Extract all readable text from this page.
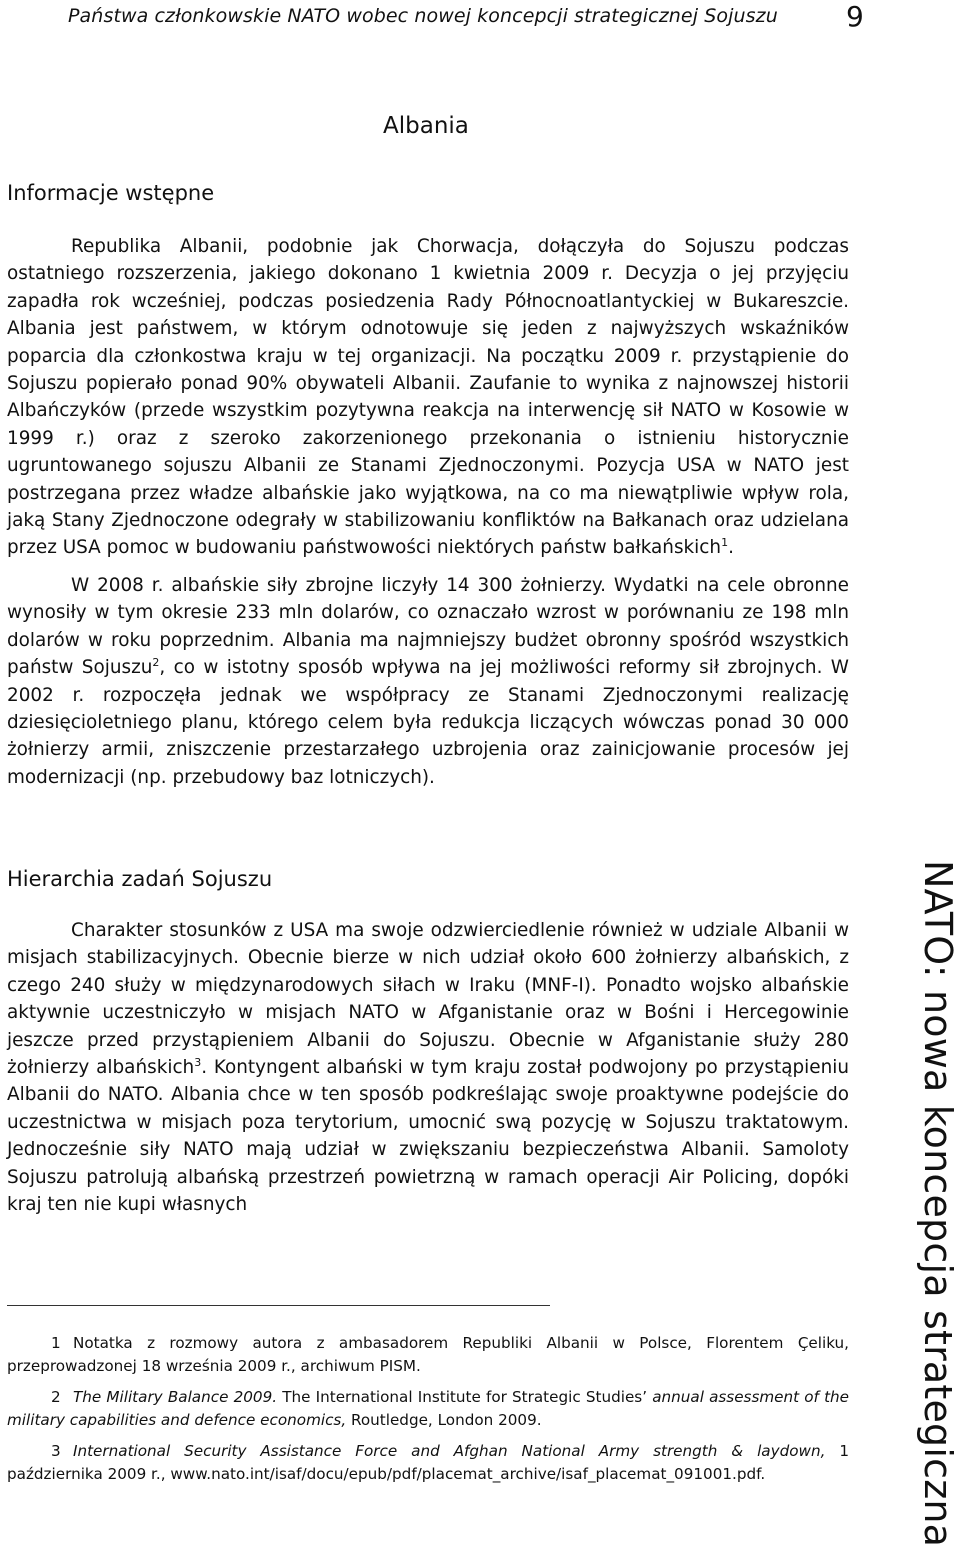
Państwa członkowskie NATO wobec nowej koncepcji strategicznej Sojuszu	9
Albania
Informacje wstępne

Republika Albanii, podobnie jak Chorwacja, dołączyła do Sojuszu podczas ostatniego rozszerzenia, jakiego dokonano 1 kwietnia 2009 r. Decyzja o jej przyjęciu zapadła rok wcześniej, podczas posiedzenia Rady Północnoatlantyckiej w Bukareszcie. Albania jest państwem, w którym odnotowuje się jeden z najwyższych wskaźników poparcia dla członkostwa kraju w tej organizacji. Na początku 2009 r. przystąpienie do Sojuszu popierało ponad 90% obywateli Albanii. Zaufanie to wynika z najnowszej historii Albańczyków (przede wszystkim pozytywna reakcja na interwencję sił NATO w Kosowie w 1999 r.) oraz z szeroko zakorzenionego przekonania o istnieniu historycznie ugruntowanego sojuszu Albanii ze Stanami Zjednoczonymi. Pozycja USA w NATO jest postrzegana przez władze albańskie jako wyjątkowa, na co ma niewątpliwie wpływ rola, jaką Stany Zjednoczone odegrały w stabilizowaniu konfliktów na Bałkanach oraz udzielana przez USA pomoc w budowaniu państwowości niektórych państw bałkańskich$^1$.

W 2008 r. albańskie siły zbrojne liczyły 14 300 żołnierzy. Wydatki na cele obronne wynosiły w tym okresie 233 mln dolarów, co oznaczało wzrost w porównaniu ze 198 mln dolarów w roku poprzednim. Albania ma najmniejszy budżet obronny spośród wszystkich państw Sojuszu$^2$, co w istotny sposób wpływa na jej możliwości reformy sił zbrojnych. W 2002 r. rozpoczęła jednak we współpracy ze Stanami Zjednoczonymi realizację dziesięcioletniego planu, którego celem była redukcja liczących wówczas ponad 30 000 żołnierzy armii, zniszczenie przestarzałego uzbrojenia oraz zainicjowanie procesów jej modernizacji (np. przebudowy baz lotniczych).

Hierarchia zadań Sojuszu

Charakter stosunków z USA ma swoje odzwierciedlenie również w udziale Albanii w misjach stabilizacyjnych. Obecnie bierze w nich udział około 600 żołnierzy albańskich, z czego 240 służy w międzynarodowych siłach w Iraku (MNF-I). Ponadto wojsko albańskie aktywnie uczestniczyło w misjach NATO w Afganistanie oraz w Bośni i Hercegowinie jeszcze przed przystąpieniem Albanii do Sojuszu. Obecnie w Afganistanie służy 280 żołnierzy albańskich$^3$. Kontyngent albański w tym kraju został podwojony po przystąpieniu Albanii do NATO. Albania chce w ten sposób podkreślając swoje proaktywne podejście do uczestnictwa w misjach poza terytorium, umocnić swą pozycję w Sojuszu traktatowym. Jednocześnie siły NATO mają udział w zwiększaniu bezpieczeństwa Albanii. Samoloty Sojuszu patrolują albańską przestrzeń powietrzną w ramach operacji Air Policing, dopóki kraj ten nie kupi własnych

1 Notatka z rozmowy autora z ambasadorem Republiki Albanii w Polsce, Florentem Çeliku, przeprowadzonej 18 września 2009 r., archiwum PISM.

2 The Military Balance 2009. The International Institute for Strategic Studies’ annual assessment of the military capabilities and defence economics, Routledge, London 2009.

3 International Security Assistance Force and Afghan National Army strength & laydown, 1 października 2009 r., www.nato.int/isaf/docu/epub/pdf/placemat_archive/isaf_placemat_091001.pdf.	NATO: nowa koncepcja strategiczna
